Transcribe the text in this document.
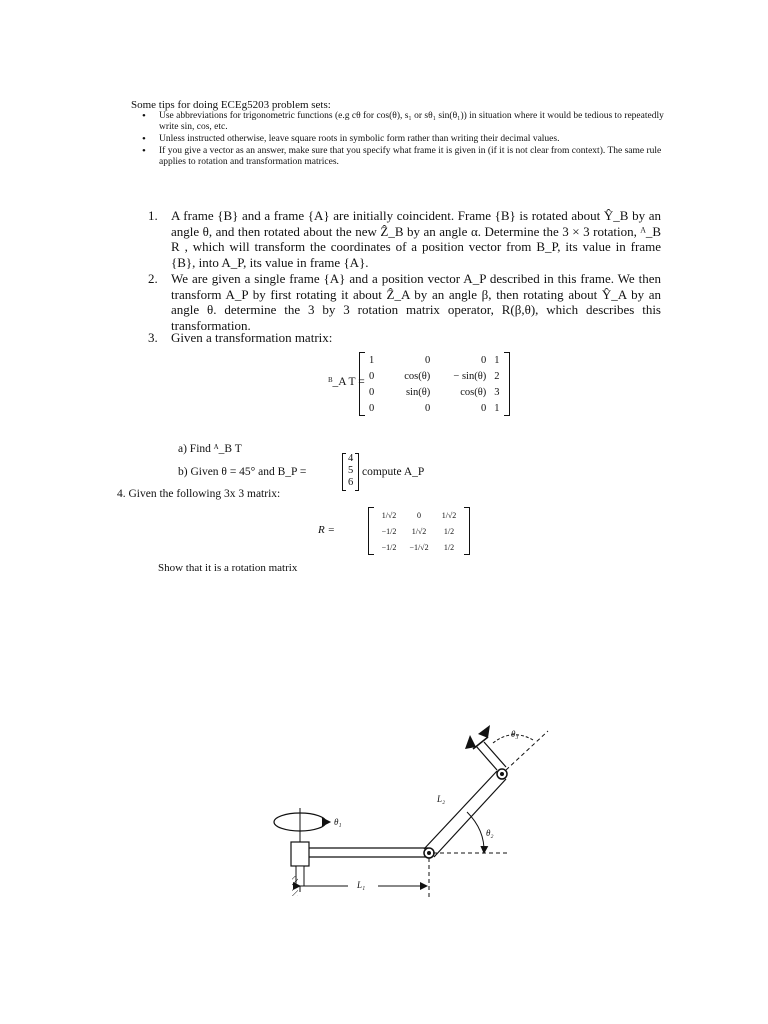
Some tips for doing ECEg5203 problem sets:
• Use abbreviations for trigonometric functions (e.g cθ for cos(θ), s₁ or sθ₁ sin(θ₁)) in situation where it would be tedious to repeatedly write sin, cos, etc.
• Unless instructed otherwise, leave square roots in symbolic form rather than writing their decimal values.
• If you give a vector as an answer, make sure that you specify what frame it is given in (if it is not clear from context). The same rule applies to rotation and transformation matrices.
1. A frame {B} and a frame {A} are initially coincident. Frame {B} is rotated about Ŷ_B by an angle θ, and then rotated about the new Ẑ_B by an angle α. Determine the 3 × 3 rotation, ᴬ_B R , which will transform the coordinates of a position vector from B_P, its value in frame {B}, into A_P, its value in frame {A}.
2. We are given a single frame {A} and a position vector A_P described in this frame. We then transform A_P by first rotating it about Ẑ_A by an angle β, then rotating about Ŷ_A by an angle θ. determine the 3 by 3 rotation matrix operator, R(β,θ), which describes this transformation.
3. Given a transformation matrix:
ᴮ_A T =
1	0	0	1
0	cos(θ)	− sin(θ)	2
0	sin(θ)	cos(θ)	3
0	0	0	1
a) Find ᴬ_B T
b) Given θ = 45° and B_P =
4
5
6
compute A_P
4. Given the following 3x 3 matrix:
R =
1/√2	0	1/√2
−1/2	1/√2	1/2
−1/2	−1/√2	1/2
Show that it is a rotation matrix
θ₁
θ₂
θ₃
L₂
L₁
